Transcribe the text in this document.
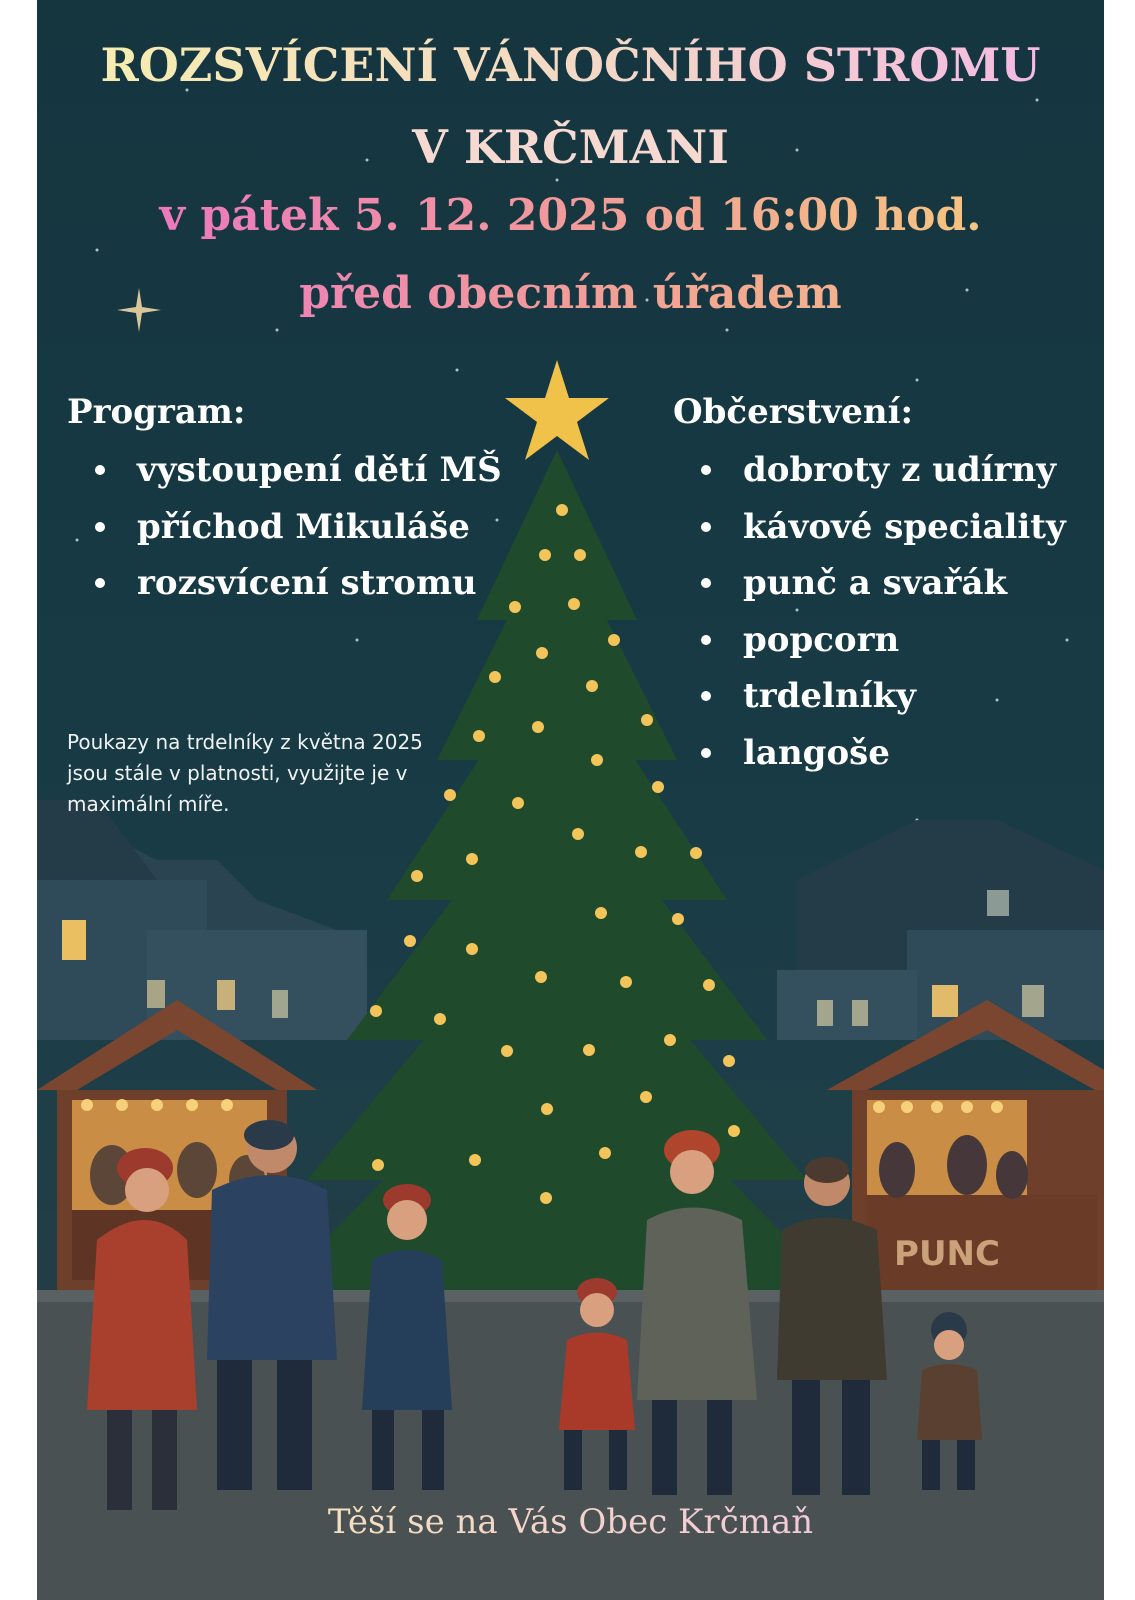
PUNC
ROZSVÍCENÍ VÁNOČNÍHO STROMU
V KRČMANI
v pátek 5. 12. 2025 od 16:00 hod.
před obecním úřadem
Program:
vystoupení dětí MŠ
příchod Mikuláše
rozsvícení stromu
Občerstvení:
dobroty z udírny
kávové speciality
punč a svařák
popcorn
trdelníky
langoše
Poukazy na trdelníky z května 2025 jsou stále v platnosti, využijte je v maximální míře.
Těší se na Vás Obec Krčmaň
